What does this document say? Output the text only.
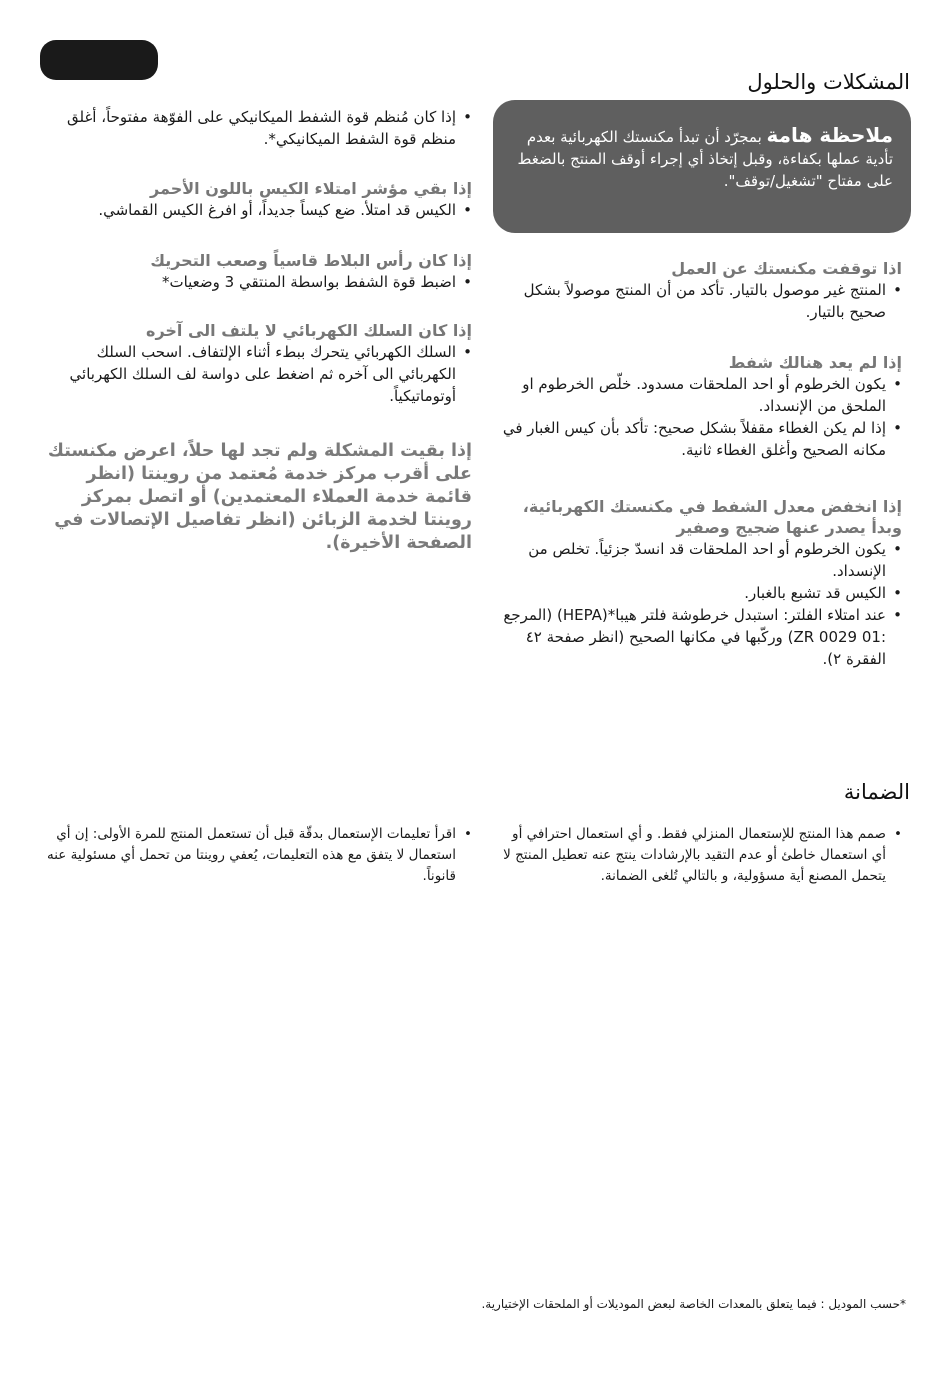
المشكلات والحلول
ملاحظة هامة بمجرّد أن تبدأ مكنستك الكهربائية بعدم تأدية عملها بكفاءة، وقبل إتخاذ أي إجراء أوقف المنتج بالضغط على مفتاح "تشغيل/توقف".
اذا توقفت مكنستك عن العمل
• المنتج غير موصول بالتيار. تأكد من أن المنتج موصولاً بشكل صحيح بالتيار.
إذا لم يعد هنالك شفط
• يكون الخرطوم أو احد الملحقات مسدود. خلّص الخرطوم او الملحق من الإنسداد.
• إذا لم يكن الغطاء مقفلاً بشكل صحيح: تأكد بأن كيس الغبار في مكانه الصحيح وأغلق الغطاء ثانية.
إذا انخفض معدل الشفط في مكنستك الكهربائية، وبدأ يصدر عنها ضجيج وصفير
• يكون الخرطوم أو احد الملحقات قد انسدّ جزئياً. تخلص من الإنسداد.
• الكيس قد تشبع بالغبار.
• عند امتلاء الفلتر: استبدل خرطوشة فلتر هيبا*(HEPA) (المرجع :ZR 0029 01) وركّبها في مكانها الصحيح (انظر صفحة ٤٢ الفقرة ٢).
• إذا كان مُنظم قوة الشفط الميكانيكي على الفوّهة مفتوحاً، أغلق منظم قوة الشفط الميكانيكي*.
إذا بقي مؤشر امتلاء الكيس باللون الأحمر
• الكيس قد امتلأ. ضع كيساً جديداً، أو افرغ الكيس القماشي.
إذا كان رأس البلاط قاسياً وصعب التحريك
• اضبط قوة الشفط بواسطة المنتقي 3 وضعيات*
إذا كان السلك الكهربائي لا يلتف الى آخره
• السلك الكهربائي يتحرك ببطء أثناء الإلتفاف. اسحب السلك الكهربائي الى آخره ثم اضغط على دواسة لف السلك الكهربائي أوتوماتيكياً.
إذا بقيت المشكلة ولم تجد لها حلاً، اعرض مكنستك على أقرب مركز خدمة مُعتمد من روينتا (انظر قائمة خدمة العملاء المعتمدين) أو اتصل بمركز روينتا لخدمة الزبائن (انظر تفاصيل الإتصالات في الصفحة الأخيرة).
الضمانة
• صمم هذا المنتج للإستعمال المنزلي فقط. و أي استعمال احترافي أو أي استعمال خاطئ أو عدم التقيد بالإرشادات ينتج عنه تعطيل المنتج لا يتحمل المصنع أية مسؤولية، و بالتالي تُلغى الضمانة.
• اقرأ تعليمات الإستعمال بدقّة قبل أن تستعمل المنتج للمرة الأولى: إن أي استعمال لا يتفق مع هذه التعليمات، يُعفي روينتا من تحمل أي مسئولية عنه قانوناً.
*حسب الموديل : فيما يتعلق بالمعدات الخاصة لبعض الموديلات أو الملحقات الإختيارية.
